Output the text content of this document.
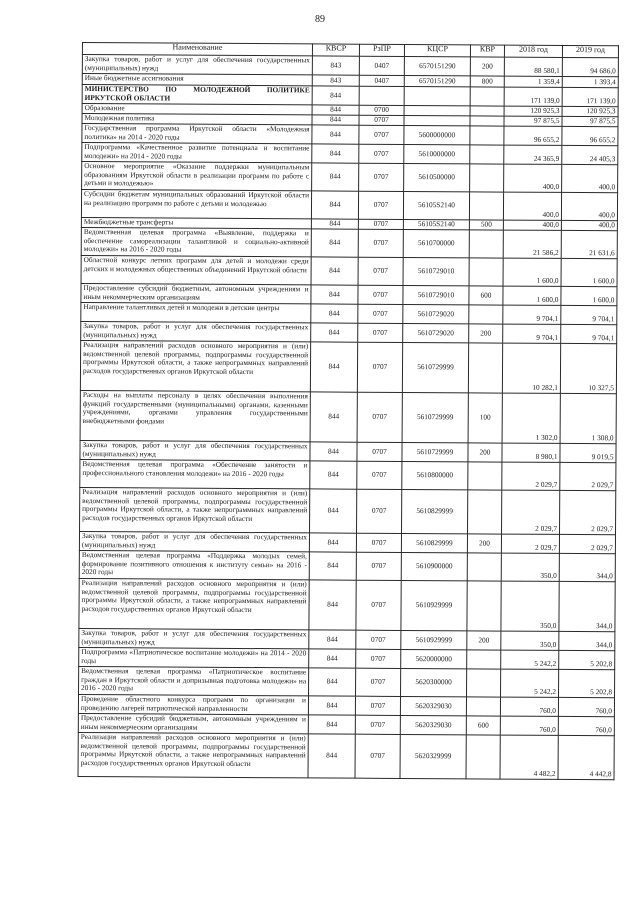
89
Наименование	КВСР	РзПР	КЦСР	КВР	2018 год	2019 год
Закупка товаров, работ и услуг для обеспечения государственных (муниципальных) нужд	843	0407	6570151290	200	88 580,1	94 686,0
Иные бюджетные ассигнования	843	0407	6570151290	800	1 359,4	1 393,4
МИНИСТЕРСТВО ПО МОЛОДЕЖНОЙ ПОЛИТИКЕ ИРКУТСКОЙ ОБЛАСТИ	844				171 139,0	171 139,0
Образование	844	0700			120 925,3	120 925,3
Молодежная политика	844	0707			97 875,5	97 875,5
Государственная программа Иркутской области «Молодежная политика» на 2014 - 2020 годы	844	0707	5600000000		96 655,2	96 655,2
Подпрограмма «Качественное развитие потенциала и воспитание молодежи» на 2014 - 2020 годы	844	0707	5610000000		24 365,9	24 405,3
Основное мероприятие «Оказание поддержки муниципальным образованиям Иркутской области в реализации программ по работе с детьми и молодежью»	844	0707	5610500000		400,0	400,0
Субсидии бюджетам муниципальных образований Иркутской области на реализацию программ по работе с детьми и молодежью	844	0707	56105S2140		400,0	400,0
Межбюджетные трансферты	844	0707	56105S2140	500	400,0	400,0
Ведомственная целевая программа «Выявление, поддержка и обеспечение самореализации талантливой и социально-активной молодежи» на 2016 - 2020 годы	844	0707	5610700000		21 586,2	21 631,6
Областной конкурс летних программ для детей и молодежи среди детских и молодежных общественных объединений Иркутской области	844	0707	5610729010		1 600,0	1 600,0
Предоставление субсидий бюджетным, автономным учреждениям и иным некоммерческим организациям	844	0707	5610729010	600	1 600,0	1 600,0
Направление талантливых детей и молодежи в детские центры	844	0707	5610729020		9 704,1	9 704,1
Закупка товаров, работ и услуг для обеспечения государственных (муниципальных) нужд	844	0707	5610729020	200	9 704,1	9 704,1
Реализация направлений расходов основного мероприятия и (или) ведомственной целевой программы, подпрограммы государственной программы Иркутской области, а также непрограммных направлений расходов государственных органов Иркутской области	844	0707	5610729999		10 282,1	10 327,5
Расходы на выплаты персоналу в целях обеспечения выполнения функций государственными (муниципальными) органами, казенными учреждениями, органами управления государственными внебюджетными фондами	844	0707	5610729999	100	1 302,0	1 308,0
Закупка товаров, работ и услуг для обеспечения государственных (муниципальных) нужд	844	0707	5610729999	200	8 980,1	9 019,5
Ведомственная целевая программа «Обеспечение занятости и профессионального становления молодежи» на 2016 - 2020 годы	844	0707	5610800000		2 029,7	2 029,7
Реализация направлений расходов основного мероприятия и (или) ведомственной целевой программы, подпрограммы государственной программы Иркутской области, а также непрограммных направлений расходов государственных органов Иркутской области	844	0707	5610829999		2 029,7	2 029,7
Закупка товаров, работ и услуг для обеспечения государственных (муниципальных) нужд	844	0707	5610829999	200	2 029,7	2 029,7
Ведомственная целевая программа «Поддержка молодых семей, формирование позитивного отношения к институту семьи» на 2016 - 2020 годы	844	0707	5610900000		350,0	344,0
Реализация направлений расходов основного мероприятия и (или) ведомственной целевой программы, подпрограммы государственной программы Иркутской области, а также непрограммных направлений расходов государственных органов Иркутской области	844	0707	5610929999		350,0	344,0
Закупка товаров, работ и услуг для обеспечения государственных (муниципальных) нужд	844	0707	5610929999	200	350,0	344,0
Подпрограмма «Патриотическое воспитание молодежи» на 2014 - 2020 годы	844	0707	5620000000		5 242,2	5 202,8
Ведомственная целевая программа «Патриотическое воспитание граждан в Иркутской области и допризывная подготовка молодежи» на 2016 - 2020 годы	844	0707	5620300000		5 242,2	5 202,8
Проведение областного конкурса программ по организации и проведению лагерей патриотической направленности	844	0707	5620329030		760,0	760,0
Предоставление субсидий бюджетным, автономным учреждениям и иным некоммерческим организациям	844	0707	5620329030	600	760,0	760,0
Реализация направлений расходов основного мероприятия и (или) ведомственной целевой программы, подпрограммы государственной программы Иркутской области, а также непрограммных направлений расходов государственных органов Иркутской области	844	0707	5620329999		4 482,2	4 442,8
